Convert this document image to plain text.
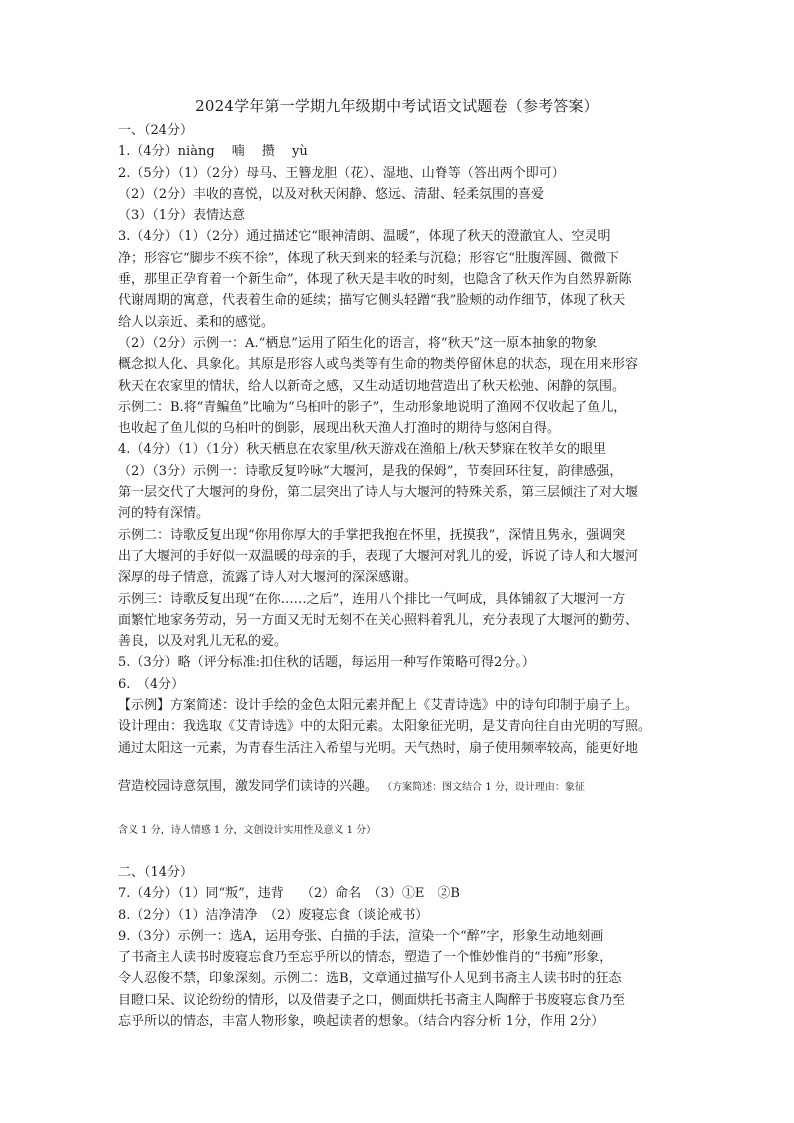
2024学年第一学期九年级期中考试语文试题卷（参考答案）

一、（24分）

1.（4分）niàng　 喃　 攒　 yù

2.（5分）（1）（2分）母马、王簪龙胆（花）、湿地、山脊等（答出两个即可）

（2）（2分）丰收的喜悦，以及对秋天闲静、悠远、清甜、轻柔氛围的喜爱

（3）（1分）表情达意

3.（4分）（1）（2分）通过描述它“眼神清朗、温暖”，体现了秋天的澄澈宜人、空灵明

净；形容它“脚步不疾不徐”，体现了秋天到来的轻柔与沉稳；形容它“肚腹浑圆、微微下

垂，那里正孕育着一个新生命”，体现了秋天是丰收的时刻，也隐含了秋天作为自然界新陈

代谢周期的寓意，代表着生命的延续；描写它侧头轻蹭“我”脸颊的动作细节，体现了秋天

给人以亲近、柔和的感觉。

（2）（2分）示例一：A.“栖息”运用了陌生化的语言，将“秋天”这一原本抽象的物象

概念拟人化、具象化。其原是形容人或鸟类等有生命的物类停留休息的状态，现在用来形容

秋天在农家里的情状，给人以新奇之感，又生动适切地营造出了秋天松弛、闲静的氛围。

示例二：B.将“青鳊鱼”比喻为“乌桕叶的影子”，生动形象地说明了渔网不仅收起了鱼儿，

也收起了鱼儿似的乌桕叶的倒影，展现出秋天渔人打渔时的期待与悠闲自得。

4.（4分）（1）（1分）秋天栖息在农家里/秋天游戏在渔船上/秋天梦寐在牧羊女的眼里

（2）（3分）示例一：诗歌反复吟咏“大堰河，是我的保姆”，节奏回环往复，韵律感强，

第一层交代了大堰河的身份，第二层突出了诗人与大堰河的特殊关系，第三层倾注了对大堰

河的特有深情。

示例二：诗歌反复出现“你用你厚大的手掌把我抱在怀里，抚摸我”，深情且隽永，强调突

出了大堰河的手好似一双温暖的母亲的手，表现了大堰河对乳儿的爱，诉说了诗人和大堰河

深厚的母子情意，流露了诗人对大堰河的深深感谢。

示例三：诗歌反复出现“在你……之后”，连用八个排比一气呵成，具体铺叙了大堰河一方

面繁忙地家务劳动，另一方面又无时无刻不在关心照料着乳儿，充分表现了大堰河的勤劳、

善良，以及对乳儿无私的爱。

5.（3分）略（评分标准:扣住秋的话题，每运用一种写作策略可得2分。）

6.　（4分）

【示例】方案简述：设计手绘的金色太阳元素并配上《艾青诗选》中的诗句印制于扇子上。

设计理由：我选取《艾青诗选》中的太阳元素。太阳象征光明，是艾青向往自由光明的写照。

通过太阳这一元素，为青春生活注入希望与光明。天气热时，扇子使用频率较高，能更好地

营造校园诗意氛围，激发同学们读诗的兴趣。 （方案简述：图文结合 1 分，设计理由：象征

含义 1 分，诗人情感 1 分，文创设计实用性及意义 1 分）

二、（14分）

7.（4分）（1）同“叛”，违背　 （2）命名　（3）①E　②B

8.（2分）（1）洁净清净　（2）废寝忘食（谈论戒书）

9.（3分）示例一：选A，运用夸张、白描的手法，渲染一个“醉”字，形象生动地刻画

了书斋主人读书时废寝忘食乃至忘乎所以的情态，塑造了一个惟妙惟肖的“书痴”形象，

令人忍俊不禁，印象深刻。示例二：选B，文章通过描写仆人见到书斋主人读书时的狂态

目瞪口呆、议论纷纷的情形，以及借妻子之口，侧面烘托书斋主人陶醉于书废寝忘食乃至

忘乎所以的情态，丰富人物形象，唤起读者的想象。（结合内容分析 1分，作用 2分）
